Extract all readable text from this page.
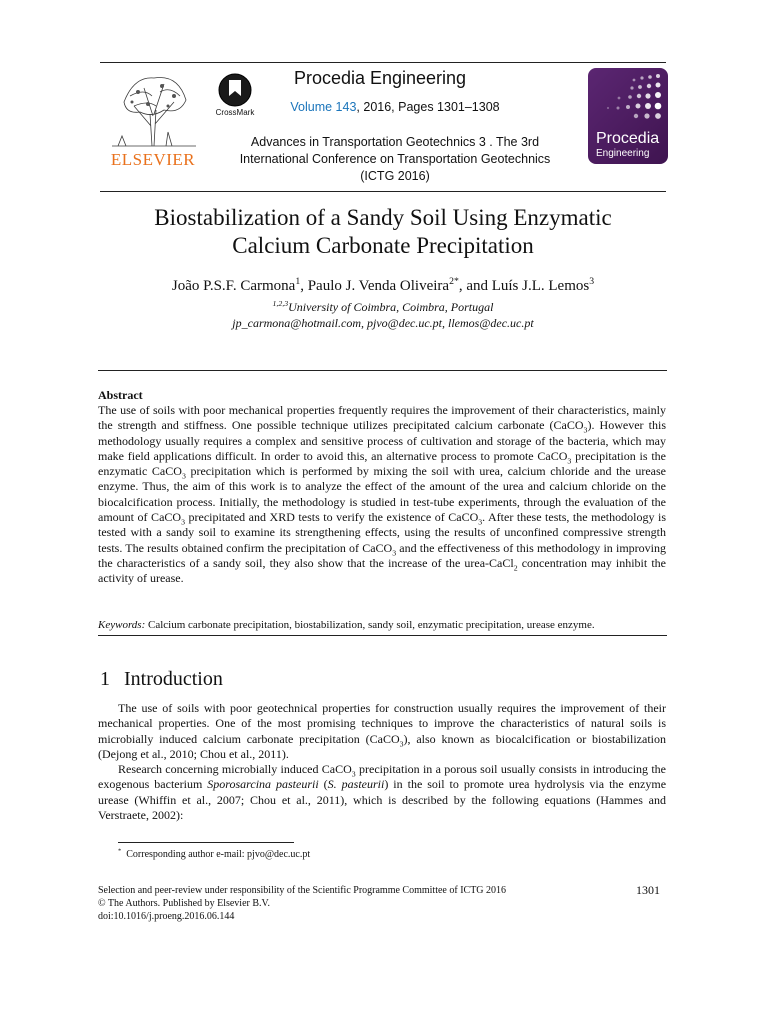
ELSEVIER
CrossMark
Procedia Engineering
Volume 143, 2016, Pages 1301–1308
Advances in Transportation Geotechnics 3 . The 3rd
International Conference on Transportation Geotechnics
(ICTG 2016)
Procedia
Engineering
Biostabilization of a Sandy Soil Using Enzymatic
Calcium Carbonate Precipitation
João P.S.F. Carmona$^1$, Paulo J. Venda Oliveira$^{2*}$, and Luís J.L. Lemos$^3$
$^{1,2,3}$University of Coimbra, Coimbra, Portugal
jp_carmona@hotmail.com, pjvo@dec.uc.pt, llemos@dec.uc.pt
Abstract
The use of soils with poor mechanical properties frequently requires the improvement of their characteristics, mainly the strength and stiffness. One possible technique utilizes precipitated calcium carbonate (CaCO$_3$). However this methodology usually requires a complex and sensitive process of cultivation and storage of the bacteria, which may make field applications difficult. In order to avoid this, an alternative process to promote CaCO$_3$ precipitation is the enzymatic CaCO$_3$ precipitation which is performed by mixing the soil with urea, calcium chloride and the urease enzyme. Thus, the aim of this work is to analyze the effect of the amount of the urea and calcium chloride on the biocalcification process. Initially, the methodology is studied in test-tube experiments, through the evaluation of the amount of CaCO$_3$ precipitated and XRD tests to verify the existence of CaCO$_3$. After these tests, the methodology is tested with a sandy soil to examine its strengthening effects, using the results of unconfined compressive strength tests. The results obtained confirm the precipitation of CaCO$_3$ and the effectiveness of this methodology in improving the characteristics of a sandy soil, they also show that the increase of the urea-CaCl$_2$ concentration may inhibit the activity of urease.
Keywords: Calcium carbonate precipitation, biostabilization, sandy soil, enzymatic precipitation, urease enzyme.
1 Introduction
The use of soils with poor geotechnical properties for construction usually requires the improvement of their mechanical properties. One of the most promising techniques to improve the characteristics of natural soils is microbially induced calcium carbonate precipitation (CaCO$_3$), also known as biocalcification or biostabilization (Dejong et al., 2010; Chou et al., 2011).
Research concerning microbially induced CaCO$_3$ precipitation in a porous soil usually consists in introducing the exogenous bacterium Sporosarcina pasteurii (S. pasteurii) in the soil to promote urea hydrolysis via the enzyme urease (Whiffin et al., 2007; Chou et al., 2011), which is described by the following equations (Hammes and Verstraete, 2002):
* Corresponding author e-mail: pjvo@dec.uc.pt
Selection and peer-review under responsibility of the Scientific Programme Committee of ICTG 2016
© The Authors. Published by Elsevier B.V.
doi:10.1016/j.proeng.2016.06.144
1301
